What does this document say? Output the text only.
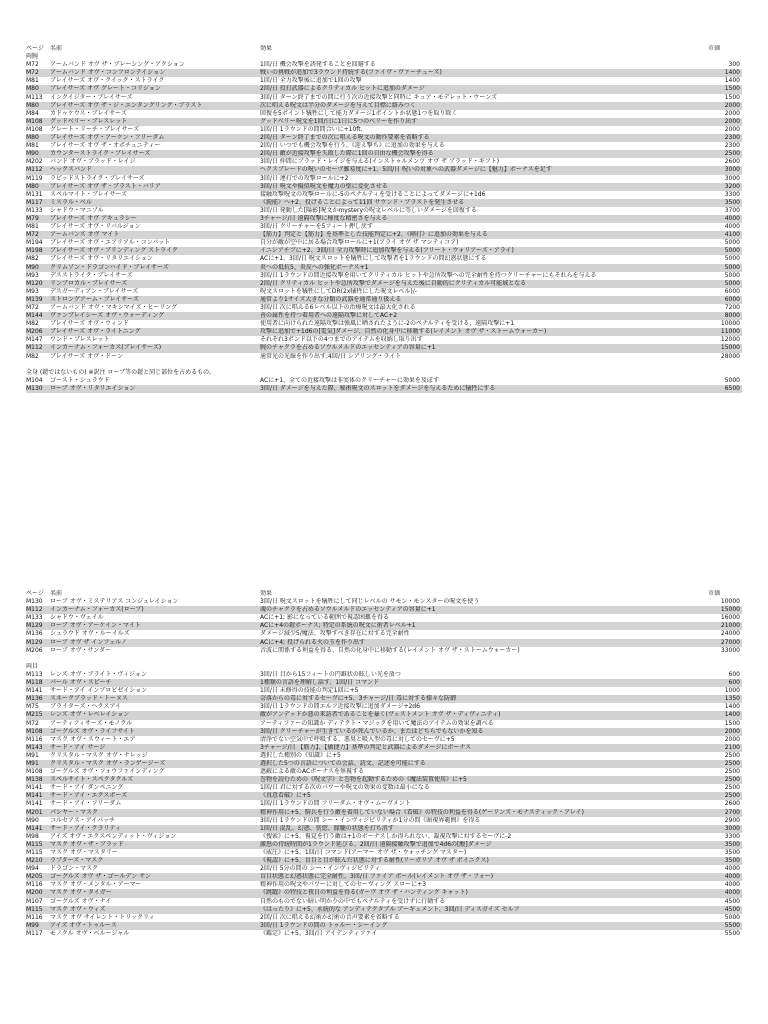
ページ	名前	効果	市価
両腕
M72	アームバンド オヴ ザ・ブレーシング・アクション	1回/日 機会攻撃を誘発することを回避する	300
M72	アームバンド オヴ・コンフロンテイション	戦いの挑戦が追加で3ラウンド持続する(ファイヴ・ヴァーチューズ)	1400
M81	ブレイサーズ オヴ・クイック・ストライク	1回/日 全力攻撃後に追加で1回の攻撃	1400
M80	ブレイサーズ オヴ グレート・コリジョン	2回/日 投打武器によるクリティカル ヒットに追加のダメージ	1500
M113	インクイジター・ブレイサーズ	3回/日 ターン終了までの間に行う次の近接攻撃と同時に キュア・モデレット・ウーンズ	1500
M80	ブレイサーズ オヴ ザ・ジ・エンタングリング・ブラスト	次に唱える呪文は半分のダメージを与えて目標に絡みつく	2000
M84	カドゥケウス・ブレイサーズ	回復を5ポイント犠牲にして能力ダメージ1ポイントか状態1つを取り除く	2000
M108	グッドベリー・ブレスレット	グッドベリー呪文を1回/日に1日に5つのベリーを作り出す	2000
M108	グレート・リーチ・ブレイサーズ	1回/日 1ラウンドの間間合いに+10ft.	2000
M80	ブレイサーズ オヴ・アーケン・フリーダム	2回/日 ターン終了までの次に唱える呪文の動作要素を省略する	2300
M81	ブレイサーズ オヴ ザ・オポチュニティー	2回/日 いつでも機会攻撃を行う、《迎え撃ち》に追加の効果を与える	2300
M90	カウンターストライク・ブレイサーズ	2回/日 敵が近接攻撃を失敗した際に1回の自由な機会攻撃を得る	2500
M202	バンド オヴ・ブラッド・レイジ	3回/日 仲間にブラッド・レイジを与える(インストゥルメンツ オヴ ザ ブラッド・ギフト)	2600
M112	ヘックスバンド	ヘクスブレードの呪いのセーヴ難易度に+1、5回/日 呪いの対象への武器ダメージに【魅力】ボーナスを足す	3000
M119	ラピッドストライク・ブレイサーズ	3回/日 連打での攻撃ロールに+2	3000
M80	ブレイサーズ オヴ ザ・ブラスト・バリア	3回/日 呪文や擬似呪文を魔力の壁に変化させる	3200
M131	スペルマイト・ブレイサーズ	接触攻撃呪文の攻撃ロールに-5のペナルティを受けることによってダメージに+1d6	3300
M117	ミスラル・ベル	《鋭能》へ+2、投げることによって11回 サウンド・ブラストを発生させる	3500
M133	シャドウ・マニプル	3回/日 発動した[陽影]呪文かmysteryの呪文レベルに等しいダメージを回復する	3700
M79	ブレイサーズ オヴ アキュラシー	3チャージ/日 遠隔攻撃に極度な精密さを与える	4000
M81	ブレイサーズ オヴ・リバルジョン	3回/日 クリーチャーを5フィート押し戻す	4000
M72	アームバンズ オヴ マイト	【筋力】判定と【筋力】を基準とした技能判定に+2、《剛打》に追加の効果を与える	4100
M194	ブレイサーズ オヴ・エアリアル・コンバット	自分が敵が空中に居る場合攻撃ロールに+1(アライ オヴ ザ マンティコア)	5000
M198	ブレイサーズ オヴ・ブリンディング ストライク	イニシアチブに+2、3回/日 全力攻撃時に追加攻撃を与える(フリート・ウォリアーズ・アライ)	5000
M82	ブレイサーズ オヴ・リタリエイション	ACに+1、3回/日 呪文スロットを犠牲にして攻撃者を1ラウンドの間幻惑状態にする	5000
M90	クリムゾン・ドラゴンハイド・ブレイサーズ	炎への抵抗5、炎皮への強化ボーナス+1	5000
M93	デスストライク・ブレイサーズ	3回/日 1ラウンドの間近接攻撃を用いてクリティカル ヒットや急所攻撃への完全耐性を持つクリーチャーにもそれらを与える	5000
M120	リンブロカル・ブレイサーズ	2回/日 クリティカル ヒットや急所攻撃でダメージを与えた後に自動的にクリティカル可能域となる	5000
M93	デスガーディアン・ブレイサーズ	呪文スロットを犠牲にしてDR(2x犠牲にした呪文レベル)/-	6000
M139	ストロングアーム・ブレイサーズ	通常より1サイズ大きな分類の武器を通常通り扱える	6000
M72	アームバンド オヴ・マキシマイズ・ヒーリング	3回/日 次に唱える6レベル以下の治療呪文は最大化される	7200
M144	ヴァンブレイシーズ オヴ・ウォーディング	善の属性を持つ着用者への遠隔攻撃に対してAC+2	8000
M82	ブレイサーズ オヴ・ウィンド	使用者に向けられた遠隔攻撃は強風に晒されたように-2のペナルティを受ける、遠隔攻撃に+1	10000
M206	ブレイサーズ オヴ・ライトニング	攻撃に追加で+1d6の[電気]ダメージ、自然の化身中に移動する(レイメント オヴ ザ・ストームウォーカー)	11000
M147	ワンド・ブレスレット	それぞれ3ポンド以下の4つまでのアイテムを収納し取り出す	12000
M112	インカーナム・フォーカス(ブレイサーズ)	腕のチャクラを占めるソウルメルドのエッセンティアの容量に+1	15000
M82	ブレイサーズ オヴ・ドーン	通常光の光線を作り出す;4回/日 シアリング・ライト	28000
全身 (鎧ではないもの) ※訳注 ローブ等の鎧と同じ部位を占めるもの。
M104	ゴースト・シュラウド	ACに+1、全ての近接攻撃は非実体のクリーチャーに効果を及ぼす	5000
M130	ローブ オヴ・リタリエイション	3回/日 ダメージを与えた際、秘術呪文のスロットをダメージを与えるために犠牲にする	6500
ページ	名前	効果	市価
M130	ローブ オヴ・ミステリアス コンジュレイション	3回/日 呪文スロットを犠牲にして同じレベルの サモン・モンスターの呪文を使う	10000
M112	インカーナム・フォーカス(ローブ)	魂のチャクラを占めるソウルメルドのエッセンティアの容量に+1	15000
M133	シャドウ・ヴェイル	ACに+1; 影になっている範囲で視認困難を得る	16000
M129	ローブ オヴ・アーケイン・マイト	ACに+4の鎧ボーナス; 特定の系統の呪文に術者レベル+1	21000
M136	シュラウド オヴ・ルーイルズ	ダメージ減少5/魔法、攻撃すべき存在に対する完全耐性	24000
M129	ローブ オヴ ザ インフェルノ	ACに+4; 投げられる火の玉を作り出す	27000
M206	ローブ オヴ・サンダー	音波に関係する利益を得る、自然の化身中に移動する(レイメント オヴ ザ・ストームウォーカー)	33000
両目
M113	レンズ オヴ・ブライト・ヴィジョン	3回/日 目から15フィートの円錐状の眩しい光を放つ	600
M118	パール オヴ・スピーチ	1種類の言語を理解し話す、1回/日 コマンド	600
M141	サード・アイ インプロビゼイション	1回/日 未修得の技能の判定1回に+5	1000
M136	スネークブラッド・トーヌス	奈落からの毒に対するセーヴに+5、3チャージ/日 毒に対する様々な防御	1350
M75	ブライターズ・ヘクスアイ	3回/日 1ラウンドの間エルフ近接攻撃に追加ダメージ+2d6	1400
M215	レンズ オヴ・レベレイション	敵がアンデッドか悪の来訪者であることを暴く(ヴェストメント オヴ ザ・ディヴィニティ)	1400
M72	アーティフィサーズ・モノクル	アーティファーの知識か ディテクト・マジックを用いて魔法のアイテムの効果を調べる	1500
M108	ゴーグルズ オヴ・ライフサイト	3回/日 クリーチャーが生きているか死んでいるか、またはどちらでもないかを知る	2000
M116	マスク オヴ・スウィート・エア	清浄でない空気中で呼吸する、悪臭と吸入型の毒に対してのセーヴに+5	2000
M143	サード・アイ サージ	3チャージ/日 【筋力】、【敏捷力】基準の判定と武器によるダメージにボーナス	2100
M91	クリスタル・マスク オヴ・ナレッジ	選択した種別の《知識》に+5	2500
M91	クリスタル・マスク オヴ・ランゲージーズ	選択した5つの言語についての会話、読文、記述を可能にする	2500
M108	ゴーグルズ オヴ・フォウファインディング	遮蔽による敵のACボーナスを無視する	2500
M138	スペルサイト・スペクタクルズ	巻物を読むための《呪文学》と巻物を起動するための《魔法装置使用》に+5	2500
M141	サード・アイ ダンペニング	1回/日 君に対する次のパワーや呪文の効果の変数は最小になる	2500
M141	サード・アイ・エクスポーズ	《真意看破》に+5	2500
M141	サード・アイ・フリーダム	1回/日 1ラウンドの間 フリーダム・オヴ・ムーヴメント	2600
M201	パシヤー・マスク	精神作用に+5、騎兵を行う敵を着用していない場合《看破》の特技の利益を得る(ゲーリンズ・モナスティック・アレイ)	2700
M90	コルセアズ・アイパッチ	3回/日 1ラウンドの間 シー・インヴィジビリティか1分の間《暗視界範囲》を得る	2900
M141	サード・アイ・クラリティ	1回/日 混乱、幻惑、恍惚、朦朧の状態を打ち消す	3000
M98	アイズ オヴ・エクスペンディット・ヴィジョン	《捜索》に+5、視覚を行う敵は+1のボーナスしか得られない、凝視攻撃に対するセーヴに-2	3300
M115	マスク オヴ・ザ・ブラッド	激怒の持続時間が1ラウンド延びる、2回/日 遠隔接触攻撃で追加で4d6の[酸]ダメージ	3500
M115	マスク オヴ・マスタリー	《威圧》に+5、1回/日 コマンド(アーマー オヴ ザ・ウォッチング マスター)	3500
M210	ラプターズ・マスク	《視認》に+5、盲目と目が眩んだ状態に対する耐性(リーガリア オヴ ザ ポイニクス)	3500
M94	ドラゴン・マスク	2回/日 5分の間の シー・インヴィジビリティ	4000
M205	ゴーグルズ オヴ ザ・ゴールデン サン	盲目状態と幻惑状態に完全耐性、3回/日 ファイア ボール(レイメント オヴ ザ・フォー)	4000
M116	マスク オヴ・メンタル・アーマー	精神作用の呪文やパワーに対してのセーヴィング スローに+3	4000
M200	マスク オヴ・タイガー	《跳躍》の特技と夜目の利益を得る(ガーヴ オヴ ザ・ハンティング キャット)	4000
M107	ゴーグルズ オヴ・ナイ	自然のものでない暗い明かりの中でもペナルティを受けずに行動する	4500
M115	マスク オヴ・ウィズ	《はったり》に+5、永続的な アンディテクタブル アーギュメント、3回/日 ディスガイズ セルフ	4500
M116	マスク オヴ サイレント・トリックリィ	2回/日 次に唱える幻術か幻術の音声要素を省略する	5000
M99	アイズ オヴ・トゥルース	3回/日 1ラウンドの間の トゥルー・シーイング	5500
M117	モノクル オヴ・ベルージャル	《鑑定》に+5、3回/日 アイデンティファイ	5500
